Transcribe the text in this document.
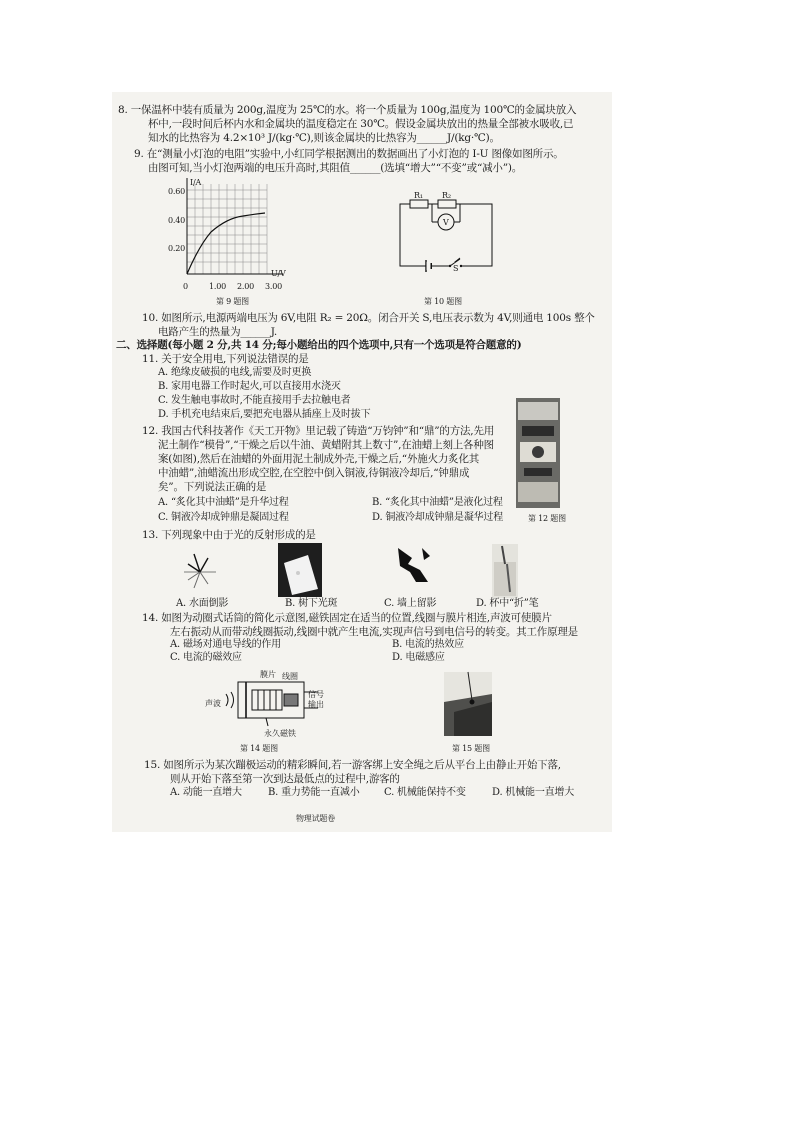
8. 一保温杯中装有质量为 200g,温度为 25℃的水。将一个质量为 100g,温度为 100℃的金属块放入
杯中,一段时间后杯内水和金属块的温度稳定在 30℃。假设金属块放出的热量全部被水吸收,已
知水的比热容为 4.2×10³ J/(kg·℃),则该金属块的比热容为______J/(kg·℃)。
9. 在“测量小灯泡的电阻”实验中,小红同学根据测出的数据画出了小灯泡的 I-U 图像如图所示。
由图可知,当小灯泡两端的电压升高时,其阻值______(选填“增大”“不变”或“减小”)。
I/A
U/V
0.60
0.40
0.20
0	1.00 2.00 3.00
第 9 题图
R₁ R₂
V
S
第 10 题图
10. 如图所示,电源两端电压为 6V,电阻 R₂ = 20Ω。闭合开关 S,电压表示数为 4V,则通电 100s 整个
电路产生的热量为______J.
二、选择题(每小题 2 分,共 14 分;每小题给出的四个选项中,只有一个选项是符合题意的)
11. 关于安全用电,下列说法错误的是
A. 绝缘皮破损的电线,需要及时更换
B. 家用电器工作时起火,可以直接用水浇灭
C. 发生触电事故时,不能直接用手去拉触电者
D. 手机充电结束后,要把充电器从插座上及时拔下
12. 我国古代科技著作《天工开物》里记载了铸造“万钧钟”和“鼎”的方法,先用
泥土制作“模骨”,“干燥之后以牛油、黄蜡附其上数寸”,在油蜡上刻上各种图
案(如图),然后在油蜡的外面用泥土制成外壳,干燥之后,“外施火力炙化其
中油蜡”,油蜡流出形成空腔,在空腔中倒入铜液,待铜液冷却后,“钟鼎成
矣”。下列说法正确的是
A. “炙化其中油蜡”是升华过程	B. “炙化其中油蜡”是液化过程
C. 铜液冷却成钟鼎是凝固过程	D. 铜液冷却成钟鼎是凝华过程	第 12 题图
13. 下列现象中由于光的反射形成的是
A. 水面倒影	B. 树下光斑	C. 墙上留影	D. 杯中“折”笔
14. 如图为动圈式话筒的简化示意图,磁铁固定在适当的位置,线圈与膜片相连,声波可使膜片
左右振动从而带动线圈振动,线圈中就产生电流,实现声信号到电信号的转变。其工作原理是
A. 磁场对通电导线的作用	B. 电流的热效应
C. 电流的磁效应	D. 电磁感应
膜片 线圈
声波
信号输出
永久磁铁
第 14 题图	第 15 题图
15. 如图所示为某次蹦极运动的精彩瞬间,若一游客绑上安全绳之后从平台上由静止开始下落,
则从开始下落至第一次到达最低点的过程中,游客的
A. 动能一直增大	B. 重力势能一直减小 C. 机械能保持不变	D. 机械能一直增大
物理试题卷
